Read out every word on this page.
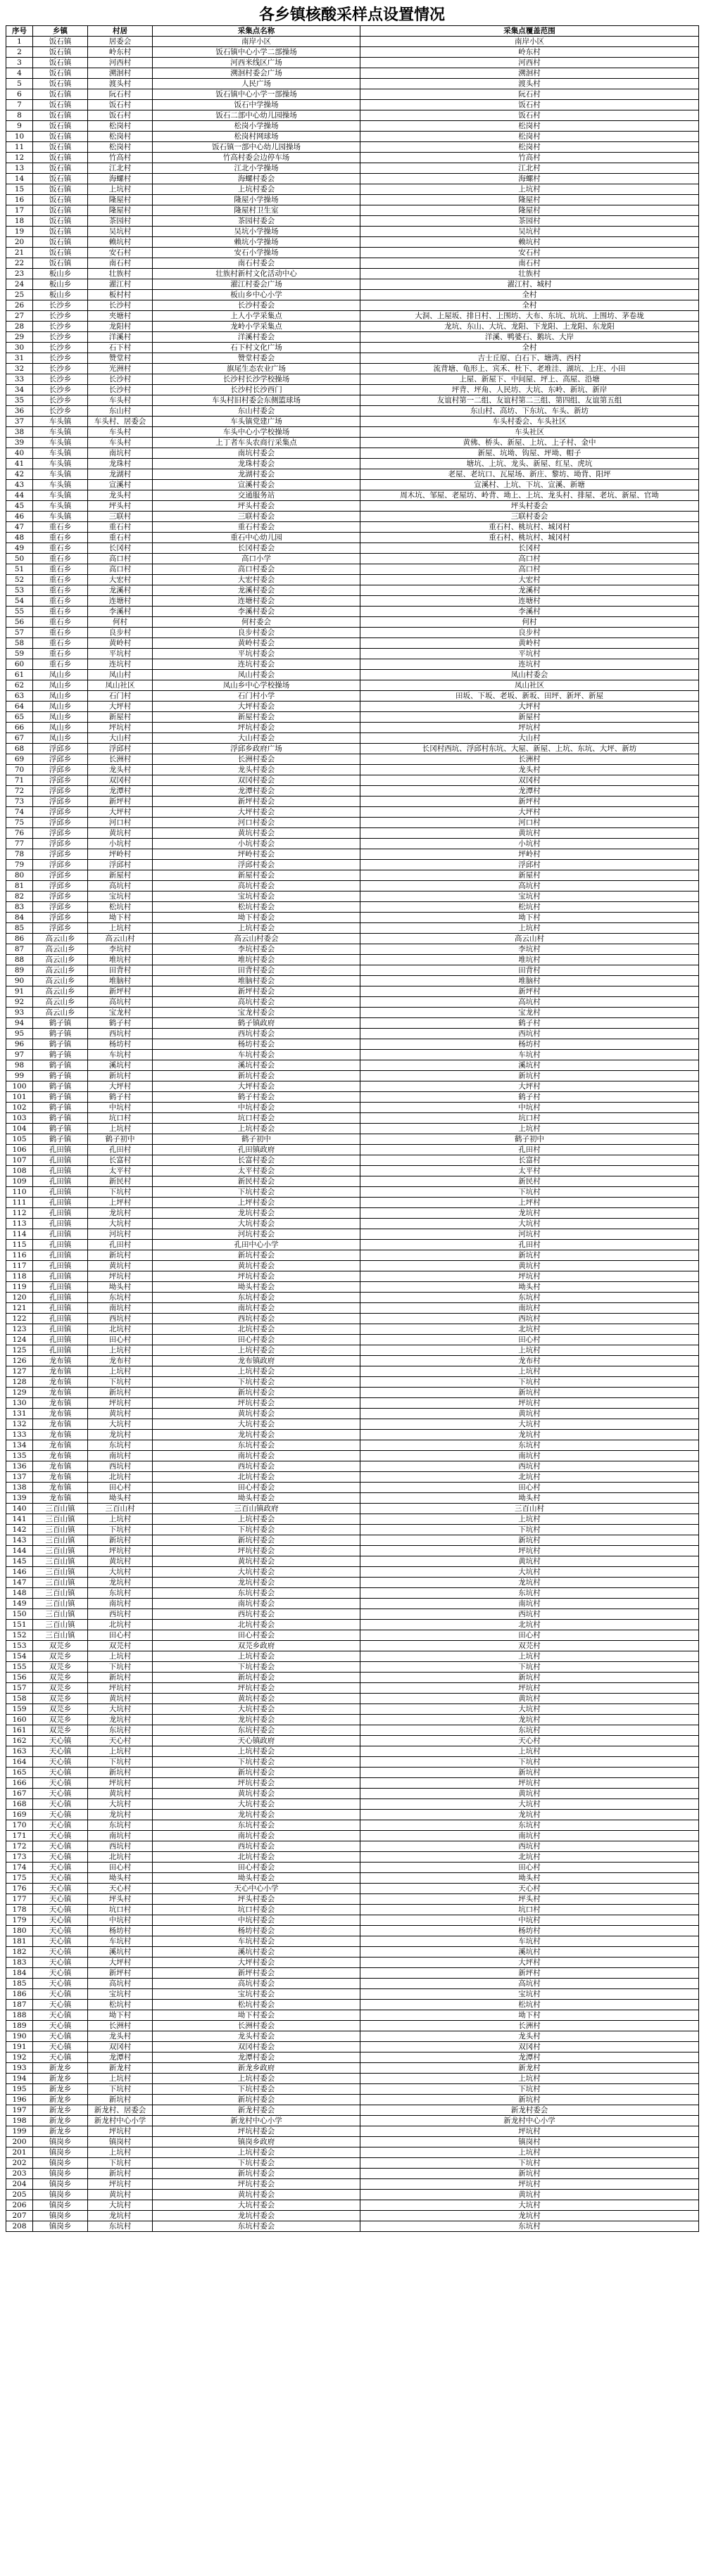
各乡镇核酸采样点设置情况
序号	乡镇	村居	采集点名称	采集点覆盖范围
1	饭石镇	居委会	南岸小区	南岸小区
2	饭石镇	岭东村	饭石镇中心小学二部操场	岭东村
3	饭石镇	河西村	河西米线区广场	河西村
4	饭石镇	溯洄村	溯洄村委会广场	溯洄村
5	饭石镇	渡头村	人民广场	渡头村
6	饭石镇	阮石村	饭石镇中心小学一部操场	阮石村
7	饭石镇	饭石村	饭石中学操场	饭石村
8	饭石镇	饭石村	饭石二部中心幼儿园操场	饭石村
9	饭石镇	松岗村	松岗小学操场	松岗村
10	饭石镇	松岗村	松岗村网球场	松岗村
11	饭石镇	松岗村	饭石镇一部中心幼儿园操场	松岗村
12	饭石镇	竹高村	竹高村委会边停车场	竹高村
13	饭石镇	江北村	江北小学操场	江北村
14	饭石镇	海螺村	海螺村委会	海螺村
15	饭石镇	上坑村	上坑村委会	上坑村
16	饭石镇	隆屋村	隆屋小学操场	隆屋村
17	饭石镇	隆屋村	隆屋村卫生室	隆屋村
18	饭石镇	茶园村	茶园村委会	茶园村
19	饭石镇	吴坑村	吴坑小学操场	吴坑村
20	饭石镇	赖坑村	赖坑小学操场	赖坑村
21	饭石镇	安石村	安石小学操场	安石村
22	饭石镇	南石村	南石村委会	南石村
23	板山乡	壮族村	壮族村新村文化活动中心	壮族村
24	板山乡	濯江村	濯江村委会广场	濯江村、城村
25	板山乡	板村村	板山乡中心小学	全村
26	长沙乡	长沙村	长沙村委会	全村
27	长沙乡	夹塘村	上人小学采集点	大洞、上屋坂、排日村、上围坊、大布、东坑、坑坑、上围坊、茅卷垅
28	长沙乡	龙阳村	龙岭小学采集点	龙坑、东山、大坑、龙阳、下龙阳、上龙阳、东龙阳
29	长沙乡	洋溪村	洋溪村委会	洋溪、鸭婆石、鹅坑、大岸
30	长沙乡	石下村	石下村文化广场	全村
31	长沙乡	赞堂村	赞堂村委会	吉士丘原、白石下、塘湾、西村
32	长沙乡	光洲村	旗尾生态农业广场	流背塘、龟形上、宾禾、杜下、老堆洼、湖坑、上庄、小田
33	长沙乡	长沙村	长沙村长沙学校操场	上屋、新屋下、中间屋、坪上、高屋、沿塘
34	长沙乡	长沙村	长沙村长沙西门	坪背、坪角、人民坊、大坑、东岭、新坑、新岸
35	长沙乡	车头村	车头村旧村委会东侧篮球场	友谊村第一二组、友谊村第二三组、第四组、友谊第五组
36	长沙乡	东山村	东山村委会	东山村、高坊、下东坑、车头、新坊
37	车头镇	车头村、居委会	车头镇党建广场	车头村委会、车头社区
38	车头镇	车头村	车头中心小学校操场	车头社区
39	车头镇	车头村	上丁者车头农商行采集点	黄佛、桥头、新屋、上坑、上子村、金中
40	车头镇	南坑村	南坑村委会	新屋、坑坳、钩屋、坪坳、帽子
41	车头镇	龙珠村	龙珠村委会	塘坑、上坑、龙头、新屋、红星、虎坑
42	车头镇	龙湖村	龙湖村委会	老屋、老坑口、瓦屋场、新庄、黎坊、坳背、阳坪
43	车头镇	宣溪村	宣溪村委会	宣溪村、上坑、下坑、宣溪、新塘
44	车头镇	龙头村	交通服务站	周木坑、邹屋、老屋坊、岭背、坳上、上坑、龙头村、排屋、老坑、新屋、官坳
45	车头镇	坪头村	坪头村委会	坪头村委会
46	车头镇	三联村	三联村委会	三联村委会
47	重石乡	重石村	重石村委会	重石村、桃坑村、城冈村
48	重石乡	重石村	重石中心幼儿园	重石村、桃坑村、城冈村
49	重石乡	长冈村	长冈村委会	长冈村
50	重石乡	高口村	高口小学	高口村
51	重石乡	高口村	高口村委会	高口村
52	重石乡	大宏村	大宏村委会	大宏村
53	重石乡	龙溪村	龙溪村委会	龙溪村
54	重石乡	连塘村	连塘村委会	连塘村
55	重石乡	李溪村	李溪村委会	李溪村
56	重石乡	何村	何村委会	何村
57	重石乡	良步村	良步村委会	良步村
58	重石乡	黄岭村	黄岭村委会	黄岭村
59	重石乡	平坑村	平坑村委会	平坑村
60	重石乡	连坑村	连坑村委会	连坑村
61	凤山乡	凤山村	凤山村委会	凤山村委会
62	凤山乡	凤山社区	凤山乡中心学校操场	凤山社区
63	凤山乡	石门村	石门村小学	田坂、下坂、老坂、新坂、田坪、新坪、新屋
64	凤山乡	大坪村	大坪村委会	大坪村
65	凤山乡	新屋村	新屋村委会	新屋村
66	凤山乡	坪坑村	坪坑村委会	坪坑村
67	凤山乡	大山村	大山村委会	大山村
68	浮邱乡	浮邱村	浮邱乡政府广场	长冈村西坑、浮邱村东坑、大屋、新屋、上坑、东坑、大坪、新坊
69	浮邱乡	长洲村	长洲村委会	长洲村
70	浮邱乡	龙头村	龙头村委会	龙头村
71	浮邱乡	双冈村	双冈村委会	双冈村
72	浮邱乡	龙潭村	龙潭村委会	龙潭村
73	浮邱乡	新坪村	新坪村委会	新坪村
74	浮邱乡	大坪村	大坪村委会	大坪村
75	浮邱乡	河口村	河口村委会	河口村
76	浮邱乡	黄坑村	黄坑村委会	黄坑村
77	浮邱乡	小坑村	小坑村委会	小坑村
78	浮邱乡	坪岭村	坪岭村委会	坪岭村
79	浮邱乡	浮邱村	浮邱村委会	浮邱村
80	浮邱乡	新屋村	新屋村委会	新屋村
81	浮邱乡	高坑村	高坑村委会	高坑村
82	浮邱乡	宝坑村	宝坑村委会	宝坑村
83	浮邱乡	松坑村	松坑村委会	松坑村
84	浮邱乡	坳下村	坳下村委会	坳下村
85	浮邱乡	上坑村	上坑村委会	上坑村
86	高云山乡	高云山村	高云山村委会	高云山村
87	高云山乡	李坑村	李坑村委会	李坑村
88	高云山乡	堆坑村	堆坑村委会	堆坑村
89	高云山乡	田背村	田背村委会	田背村
90	高云山乡	堆脑村	堆脑村委会	堆脑村
91	高云山乡	新坪村	新坪村委会	新坪村
92	高云山乡	高坑村	高坑村委会	高坑村
93	高云山乡	宝龙村	宝龙村委会	宝龙村
94	鹤子镇	鹤子村	鹤子镇政府	鹤子村
95	鹤子镇	西坑村	西坑村委会	西坑村
96	鹤子镇	杨坊村	杨坊村委会	杨坊村
97	鹤子镇	车坑村	车坑村委会	车坑村
98	鹤子镇	溪坑村	溪坑村委会	溪坑村
99	鹤子镇	新坑村	新坑村委会	新坑村
100	鹤子镇	大坪村	大坪村委会	大坪村
101	鹤子镇	鹤子村	鹤子村委会	鹤子村
102	鹤子镇	中坑村	中坑村委会	中坑村
103	鹤子镇	坑口村	坑口村委会	坑口村
104	鹤子镇	上坑村	上坑村委会	上坑村
105	鹤子镇	鹤子初中	鹤子初中	鹤子初中
106	孔田镇	孔田村	孔田镇政府	孔田村
107	孔田镇	长富村	长富村委会	长富村
108	孔田镇	太平村	太平村委会	太平村
109	孔田镇	新民村	新民村委会	新民村
110	孔田镇	下坑村	下坑村委会	下坑村
111	孔田镇	上坪村	上坪村委会	上坪村
112	孔田镇	龙坑村	龙坑村委会	龙坑村
113	孔田镇	大坑村	大坑村委会	大坑村
114	孔田镇	河坑村	河坑村委会	河坑村
115	孔田镇	孔田村	孔田中心小学	孔田村
116	孔田镇	新坑村	新坑村委会	新坑村
117	孔田镇	黄坑村	黄坑村委会	黄坑村
118	孔田镇	坪坑村	坪坑村委会	坪坑村
119	孔田镇	坳头村	坳头村委会	坳头村
120	孔田镇	东坑村	东坑村委会	东坑村
121	孔田镇	南坑村	南坑村委会	南坑村
122	孔田镇	西坑村	西坑村委会	西坑村
123	孔田镇	北坑村	北坑村委会	北坑村
124	孔田镇	田心村	田心村委会	田心村
125	孔田镇	上坑村	上坑村委会	上坑村
126	龙布镇	龙布村	龙布镇政府	龙布村
127	龙布镇	上坑村	上坑村委会	上坑村
128	龙布镇	下坑村	下坑村委会	下坑村
129	龙布镇	新坑村	新坑村委会	新坑村
130	龙布镇	坪坑村	坪坑村委会	坪坑村
131	龙布镇	黄坑村	黄坑村委会	黄坑村
132	龙布镇	大坑村	大坑村委会	大坑村
133	龙布镇	龙坑村	龙坑村委会	龙坑村
134	龙布镇	东坑村	东坑村委会	东坑村
135	龙布镇	南坑村	南坑村委会	南坑村
136	龙布镇	西坑村	西坑村委会	西坑村
137	龙布镇	北坑村	北坑村委会	北坑村
138	龙布镇	田心村	田心村委会	田心村
139	龙布镇	坳头村	坳头村委会	坳头村
140	三百山镇	三百山村	三百山镇政府	三百山村
141	三百山镇	上坑村	上坑村委会	上坑村
142	三百山镇	下坑村	下坑村委会	下坑村
143	三百山镇	新坑村	新坑村委会	新坑村
144	三百山镇	坪坑村	坪坑村委会	坪坑村
145	三百山镇	黄坑村	黄坑村委会	黄坑村
146	三百山镇	大坑村	大坑村委会	大坑村
147	三百山镇	龙坑村	龙坑村委会	龙坑村
148	三百山镇	东坑村	东坑村委会	东坑村
149	三百山镇	南坑村	南坑村委会	南坑村
150	三百山镇	西坑村	西坑村委会	西坑村
151	三百山镇	北坑村	北坑村委会	北坑村
152	三百山镇	田心村	田心村委会	田心村
153	双芫乡	双芫村	双芫乡政府	双芫村
154	双芫乡	上坑村	上坑村委会	上坑村
155	双芫乡	下坑村	下坑村委会	下坑村
156	双芫乡	新坑村	新坑村委会	新坑村
157	双芫乡	坪坑村	坪坑村委会	坪坑村
158	双芫乡	黄坑村	黄坑村委会	黄坑村
159	双芫乡	大坑村	大坑村委会	大坑村
160	双芫乡	龙坑村	龙坑村委会	龙坑村
161	双芫乡	东坑村	东坑村委会	东坑村
162	天心镇	天心村	天心镇政府	天心村
163	天心镇	上坑村	上坑村委会	上坑村
164	天心镇	下坑村	下坑村委会	下坑村
165	天心镇	新坑村	新坑村委会	新坑村
166	天心镇	坪坑村	坪坑村委会	坪坑村
167	天心镇	黄坑村	黄坑村委会	黄坑村
168	天心镇	大坑村	大坑村委会	大坑村
169	天心镇	龙坑村	龙坑村委会	龙坑村
170	天心镇	东坑村	东坑村委会	东坑村
171	天心镇	南坑村	南坑村委会	南坑村
172	天心镇	西坑村	西坑村委会	西坑村
173	天心镇	北坑村	北坑村委会	北坑村
174	天心镇	田心村	田心村委会	田心村
175	天心镇	坳头村	坳头村委会	坳头村
176	天心镇	天心村	天心中心小学	天心村
177	天心镇	坪头村	坪头村委会	坪头村
178	天心镇	坑口村	坑口村委会	坑口村
179	天心镇	中坑村	中坑村委会	中坑村
180	天心镇	杨坊村	杨坊村委会	杨坊村
181	天心镇	车坑村	车坑村委会	车坑村
182	天心镇	溪坑村	溪坑村委会	溪坑村
183	天心镇	大坪村	大坪村委会	大坪村
184	天心镇	新坪村	新坪村委会	新坪村
185	天心镇	高坑村	高坑村委会	高坑村
186	天心镇	宝坑村	宝坑村委会	宝坑村
187	天心镇	松坑村	松坑村委会	松坑村
188	天心镇	坳下村	坳下村委会	坳下村
189	天心镇	长洲村	长洲村委会	长洲村
190	天心镇	龙头村	龙头村委会	龙头村
191	天心镇	双冈村	双冈村委会	双冈村
192	天心镇	龙潭村	龙潭村委会	龙潭村
193	新龙乡	新龙村	新龙乡政府	新龙村
194	新龙乡	上坑村	上坑村委会	上坑村
195	新龙乡	下坑村	下坑村委会	下坑村
196	新龙乡	新坑村	新坑村委会	新坑村
197	新龙乡	新龙村、居委会	新龙村委会	新龙村委会
198	新龙乡	新龙村中心小学	新龙村中心小学	新龙村中心小学
199	新龙乡	坪坑村	坪坑村委会	坪坑村
200	镇岗乡	镇岗村	镇岗乡政府	镇岗村
201	镇岗乡	上坑村	上坑村委会	上坑村
202	镇岗乡	下坑村	下坑村委会	下坑村
203	镇岗乡	新坑村	新坑村委会	新坑村
204	镇岗乡	坪坑村	坪坑村委会	坪坑村
205	镇岗乡	黄坑村	黄坑村委会	黄坑村
206	镇岗乡	大坑村	大坑村委会	大坑村
207	镇岗乡	龙坑村	龙坑村委会	龙坑村
208	镇岗乡	东坑村	东坑村委会	东坑村
